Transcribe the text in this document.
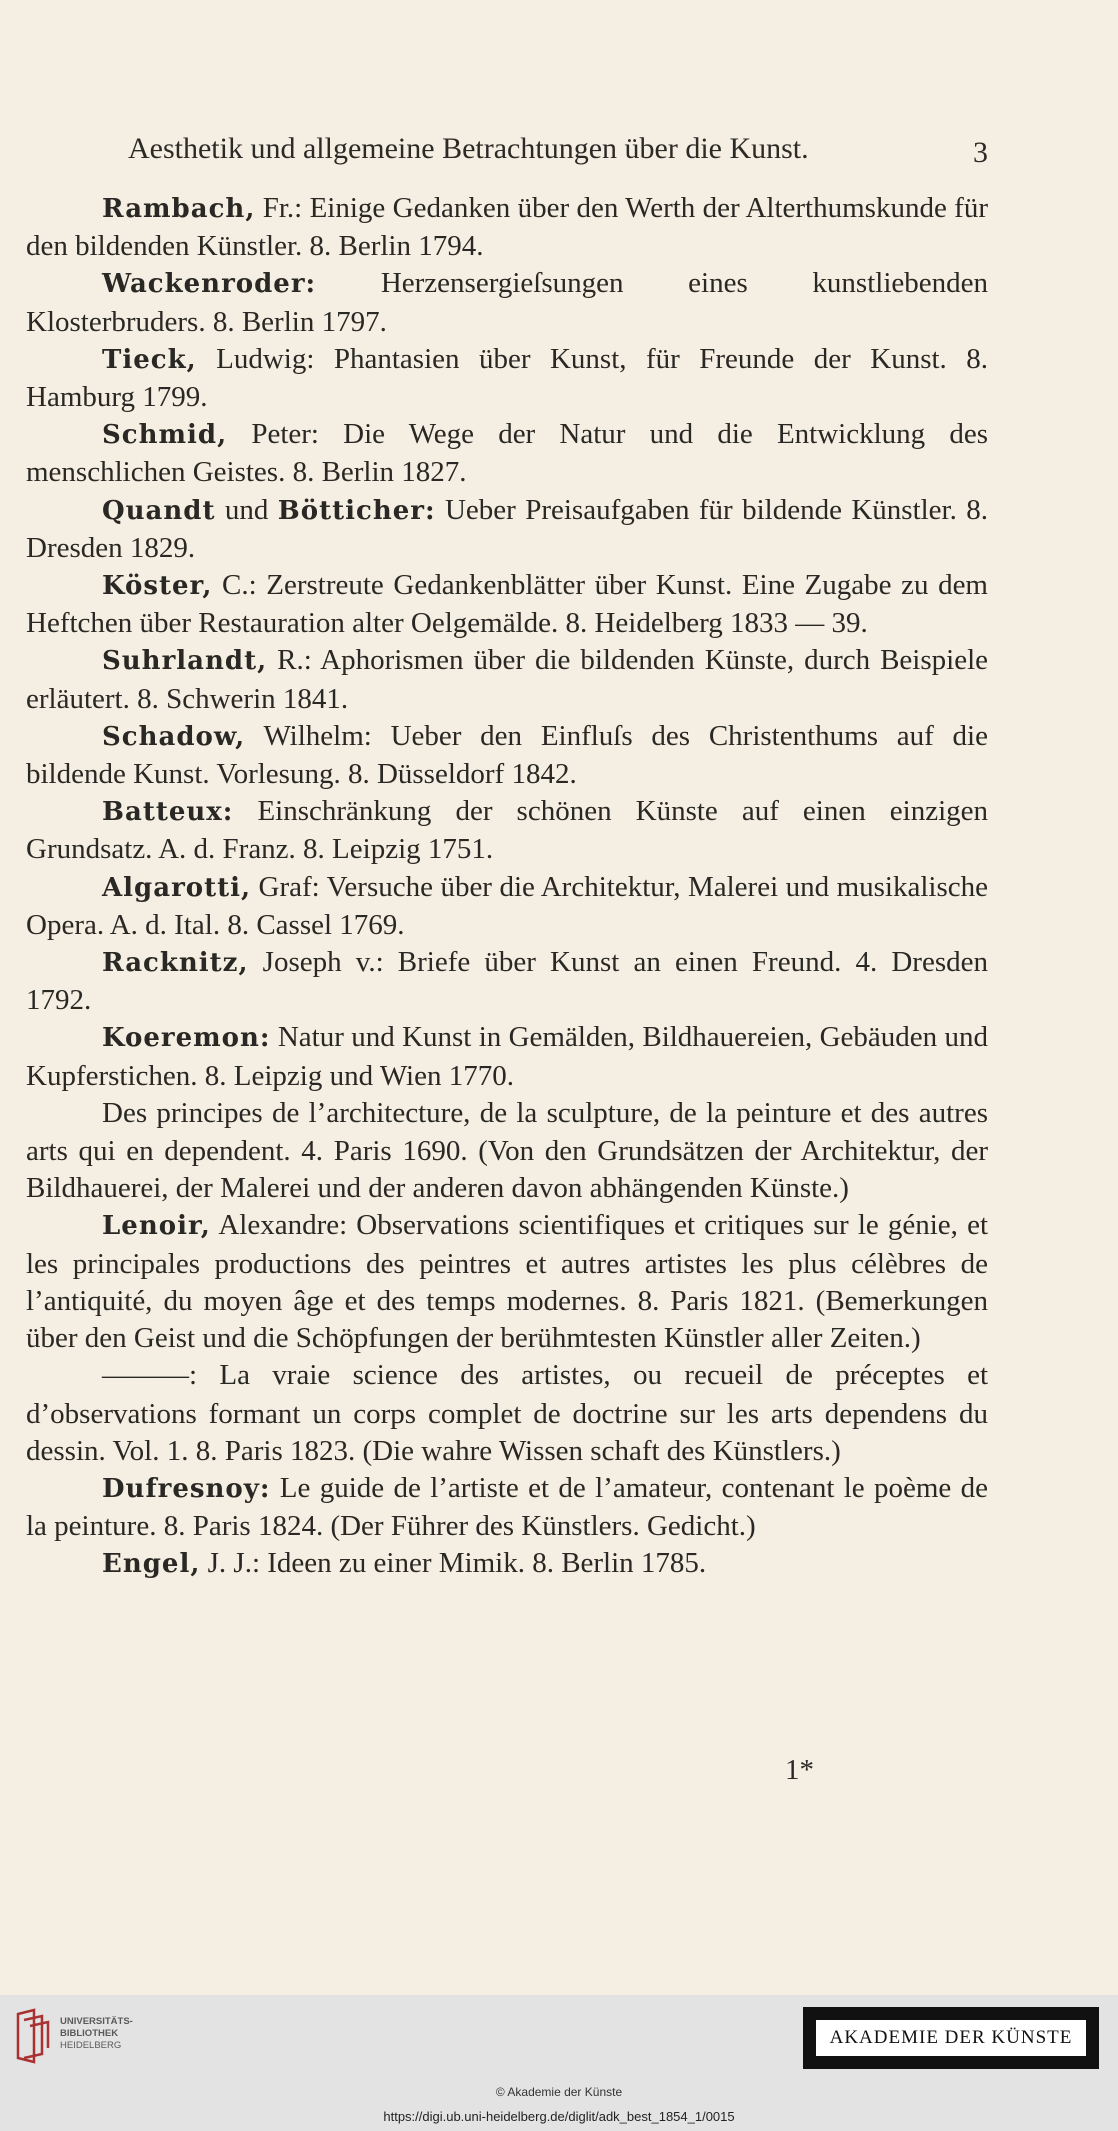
Aesthetik und allgemeine Betrachtungen über die Kunst.	3

Rambach, Fr.: Einige Gedanken über den Werth der Alterthumskunde für den bildenden Künstler. 8. Berlin 1794.

Wackenroder: Herzensergieſsungen eines kunstliebenden Klosterbruders. 8. Berlin 1797.

Tieck, Ludwig: Phantasien über Kunst, für Freunde der Kunst. 8. Hamburg 1799.

Schmid, Peter: Die Wege der Natur und die Entwicklung des menschlichen Geistes. 8. Berlin 1827.

Quandt und Bötticher: Ueber Preisaufgaben für bildende Künstler. 8. Dresden 1829.

Köster, C.: Zerstreute Gedankenblätter über Kunst. Eine Zugabe zu dem Heftchen über Restauration alter Oelgemälde. 8. Heidelberg 1833 — 39.

Suhrlandt, R.: Aphorismen über die bildenden Künste, durch Beispiele erläutert. 8. Schwerin 1841.

Schadow, Wilhelm: Ueber den Einfluſs des Christenthums auf die bildende Kunst. Vorlesung. 8. Düsseldorf 1842.

Batteux: Einschränkung der schönen Künste auf einen einzigen Grundsatz. A. d. Franz. 8. Leipzig 1751.

Algarotti, Graf: Versuche über die Architektur, Malerei und musikalische Opera. A. d. Ital. 8. Cassel 1769.

Racknitz, Joseph v.: Briefe über Kunst an einen Freund. 4. Dresden 1792.

Koeremon: Natur und Kunst in Gemälden, Bildhauereien, Gebäuden und Kupferstichen. 8. Leipzig und Wien 1770.

Des principes de l’architecture, de la sculpture, de la peinture et des autres arts qui en dependent. 4. Paris 1690. (Von den Grundsätzen der Architektur, der Bildhauerei, der Malerei und der anderen davon abhängenden Künste.)

Lenoir, Alexandre: Observations scientifiques et critiques sur le génie, et les principales productions des peintres et autres artistes les plus célèbres de l’antiquité, du moyen âge et des temps modernes. 8. Paris 1821. (Bemerkungen über den Geist und die Schöpfungen der berühmtesten Künstler aller Zeiten.)

———: La vraie science des artistes, ou recueil de préceptes et d’observations formant un corps complet de doctrine sur les arts dependens du dessin. Vol. 1. 8. Paris 1823. (Die wahre Wissen schaft des Künstlers.)

Dufresnoy: Le guide de l’artiste et de l’amateur, contenant le poème de la peinture. 8. Paris 1824. (Der Führer des Künstlers. Gedicht.)

Engel, J. J.: Ideen zu einer Mimik. 8. Berlin 1785.

1*
UNIVERSITÄTS-
BIBLIOTHEK
HEIDELBERG	AKADEMIE DER KÜNSTE
© Akademie der Künste
https://digi.ub.uni-heidelberg.de/diglit/adk_best_1854_1/0015
